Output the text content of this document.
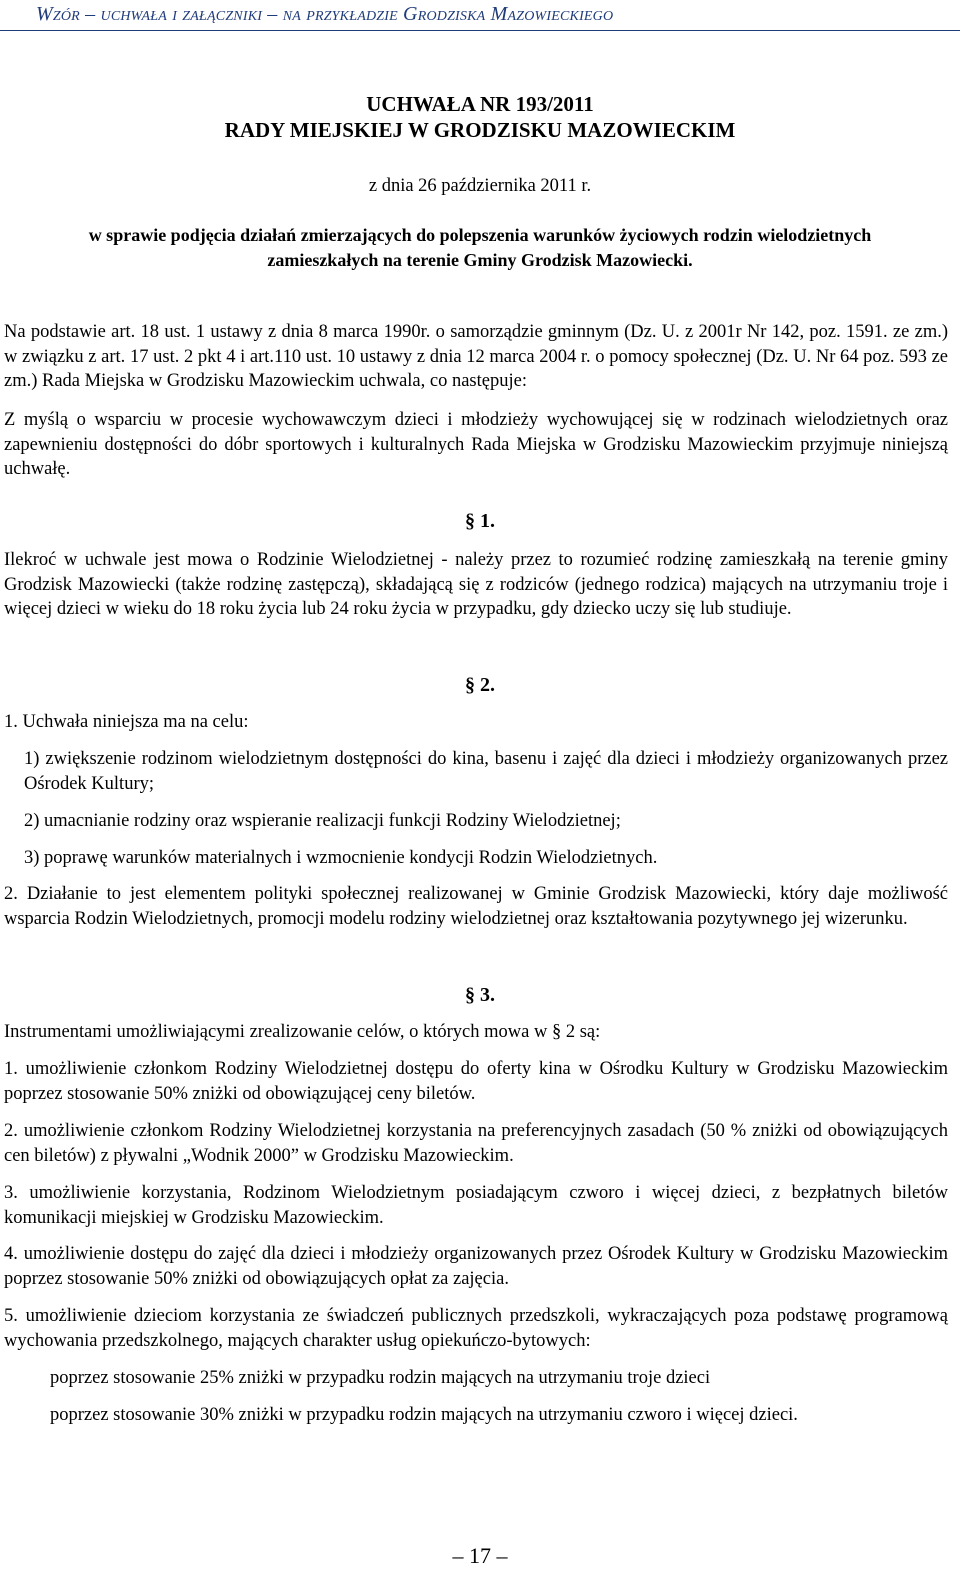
Wzór – uchwała i załączniki – na przykładzie Grodziska Mazowieckiego
UCHWAŁA NR 193/2011
RADY MIEJSKIEJ W GRODZISKU MAZOWIECKIM
z dnia 26 października 2011 r.
w sprawie podjęcia działań zmierzających do polepszenia warunków życiowych rodzin wielodzietnych
zamieszkałych na terenie Gminy Grodzisk Mazowiecki.
Na podstawie art. 18 ust. 1 ustawy z dnia 8 marca 1990r. o samorządzie gminnym (Dz. U. z 2001r Nr 142, poz. 1591. ze zm.) w związku z art. 17 ust. 2 pkt 4 i art.110 ust. 10 ustawy z dnia 12 marca 2004 r. o pomocy społecznej (Dz. U. Nr 64 poz. 593 ze zm.) Rada Miejska w Grodzisku Mazowieckim uchwala, co następuje:
Z myślą o wsparciu w procesie wychowawczym dzieci i młodzieży wychowującej się w rodzinach wielodzietnych oraz zapewnieniu dostępności do dóbr sportowych i kulturalnych Rada Miejska w Grodzisku Mazowieckim przyjmuje niniejszą uchwałę.
§ 1.
Ilekroć w uchwale jest mowa o Rodzinie Wielodzietnej - należy przez to rozumieć rodzinę zamieszkałą na terenie gminy Grodzisk Mazowiecki (także rodzinę zastępczą), składającą się z rodziców (jednego rodzica) mających na utrzymaniu troje i więcej dzieci w wieku do 18 roku życia lub 24 roku życia w przypadku, gdy dziecko uczy się lub studiuje.
§ 2.
1. Uchwała niniejsza ma na celu:
1) zwiększenie rodzinom wielodzietnym dostępności do kina, basenu i zajęć dla dzieci i młodzieży organizowanych przez Ośrodek Kultury;
2) umacnianie rodziny oraz wspieranie realizacji funkcji Rodziny Wielodzietnej;
3) poprawę warunków materialnych i wzmocnienie kondycji Rodzin Wielodzietnych.
2. Działanie to jest elementem polityki społecznej realizowanej w Gminie Grodzisk Mazowiecki, który daje możliwość wsparcia Rodzin Wielodzietnych, promocji modelu rodziny wielodzietnej oraz kształtowania pozytywnego jej wizerunku.
§ 3.
Instrumentami umożliwiającymi zrealizowanie celów, o których mowa w § 2 są:
1. umożliwienie członkom Rodziny Wielodzietnej dostępu do oferty kina w Ośrodku Kultury w Grodzisku Mazowieckim poprzez stosowanie 50% zniżki od obowiązującej ceny biletów.
2. umożliwienie członkom Rodziny Wielodzietnej korzystania na preferencyjnych zasadach (50 % zniżki od obowiązujących cen biletów) z pływalni „Wodnik 2000” w Grodzisku Mazowieckim.
3. umożliwienie korzystania, Rodzinom Wielodzietnym posiadającym czworo i więcej dzieci, z bezpłatnych biletów komunikacji miejskiej w Grodzisku Mazowieckim.
4. umożliwienie dostępu do zajęć dla dzieci i młodzieży organizowanych przez Ośrodek Kultury w Grodzisku Mazowieckim poprzez stosowanie 50% zniżki od obowiązujących opłat za zajęcia.
5. umożliwienie dzieciom korzystania ze świadczeń publicznych przedszkoli, wykraczających poza podstawę programową wychowania przedszkolnego, mających charakter usług opiekuńczo-bytowych:
poprzez stosowanie 25% zniżki w przypadku rodzin mających na utrzymaniu troje dzieci
poprzez stosowanie 30% zniżki w przypadku rodzin mających na utrzymaniu czworo i więcej dzieci.
– 17 –
